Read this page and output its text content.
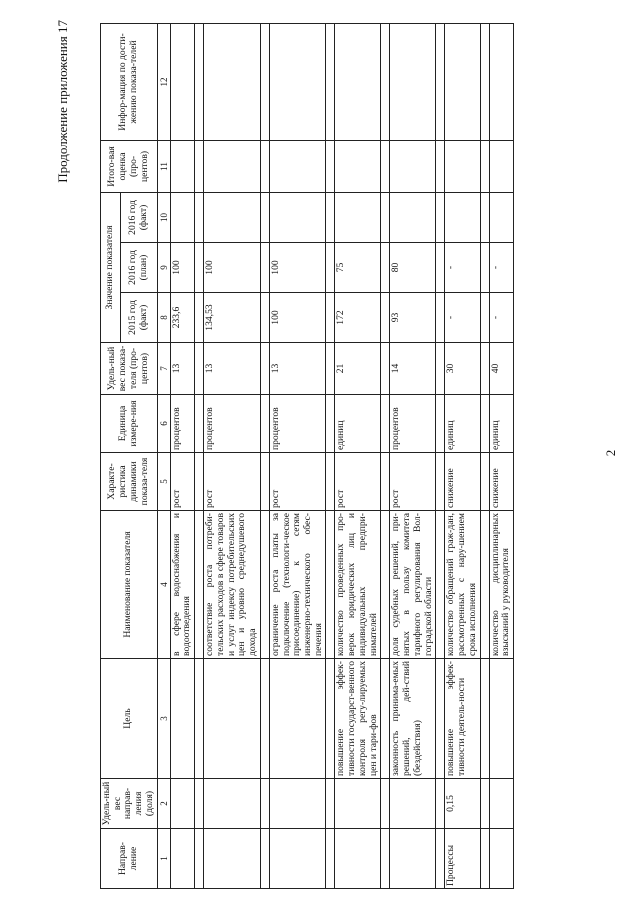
2
Продолжение приложения 17
Направ-ление	Удель-ный вес направ-ления (доля)	Цель	Наименование показателя	Характе-ристика динамики показа-теля	Единица измере-ния	Удель-ный вес показа-теля (про-центов)	Значение показателя			Итого-вая оценка (про-центов)	Инфор-мация по дости-жению показа-телей
							2015 год (факт)	2016 год (план)	2016 год (факт)		
1	2	3	4	5	6	7	8	9	10	11	12
			в сфере водоснабжения и водоотведения	рост	процентов	13	233,6	100			

			соответствие роста потреби-тельских расходов в сфере товаров и услуг индексу потребительских цен и уровню среднедушевого дохода	рост	процентов	13	134,53	100			

			ограничение роста платы за подключение (технологи-ческое присоединение) к сетям инженерно-технического обес-печения	рост	процентов	13	100	100			

		повышение эффек-тивности государст-венного контроля регу-лируемых цен и тари-фов	количество проведенных про-верок юридических лиц и индивидуальных предпри-нимателей	рост	единиц	21	172	75			

		законность принима-емых решений, дей-ствий (бездействия)	доля судебных решений, при-нятых в пользу комитета тарифного регулирования Вол-гоградской области	рост	процентов	14	93	80			

Процессы	0,15	повышение эффек-тивности деятель-ности	количество обращений граж-дан, рассмотренных с нару-шением срока исполнения	снижение	единиц	30	-	-			

			количество дисциплинарных взысканий у руководителя	снижение	единиц	40	-	-			
